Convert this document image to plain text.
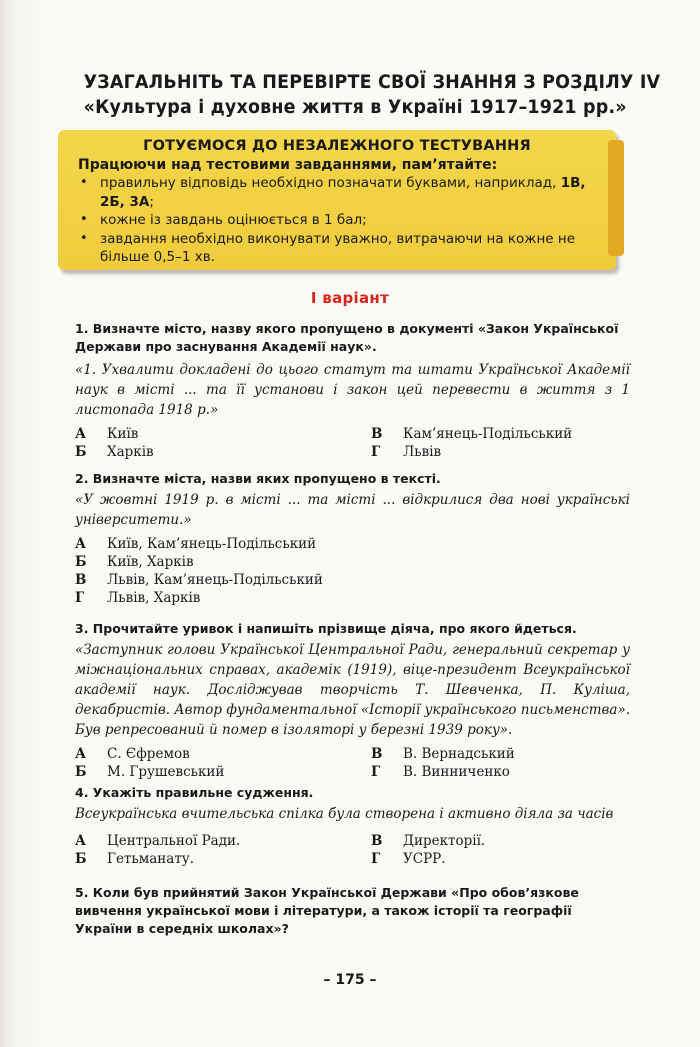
УЗАГАЛЬНІТЬ ТА ПЕРЕВІРТЕ СВОЇ ЗНАННЯ З РОЗДІЛУ IV
«Культура і духовне життя в Україні 1917–1921 рр.»
ГОТУЄМОСЯ ДО НЕЗАЛЕЖНОГО ТЕСТУВАННЯ
Працюючи над тестовими завданнями, пам’ятайте:
• правильну відповідь необхідно позначати буквами, наприклад, 1В, 2Б, 3А;
• кожне із завдань оцінюється в 1 бал;
• завдання необхідно виконувати уважно, витрачаючи на кожне не більше 0,5–1 хв.
І варіант
1. Визначте місто, назву якого пропущено в документі «Закон Української Держави про заснування Академії наук».
«1. Ухвалити докладені до цього статут та штати Української Академії наук в місті ... та її установи і закон цей перевести в життя з 1 листопада 1918 р.»
А	Київ	В	Кам’янець-Подільський
Б	Харків	Г	Львів
2. Визначте міста, назви яких пропущено в тексті.
«У жовтні 1919 р. в місті ... та місті ... відкрилися два нові українські університети.»
А	Київ, Кам’янець-Подільський
Б	Київ, Харків
В	Львів, Кам’янець-Подільський
Г	Львів, Харків
3. Прочитайте уривок і напишіть прізвище діяча, про якого йдеться.
«Заступник голови Української Центральної Ради, генеральний секретар у міжнаціональних справах, академік (1919), віце-президент Всеукраїнської академії наук. Досліджував творчість Т. Шевченка, П. Куліша, декабристів. Автор фундаментальної «Історії українського письменства». Був репресований й помер в ізоляторі у березні 1939 року».
А	С. Єфремов	В	В. Вернадський
Б	М. Грушевський	Г	В. Винниченко
4. Укажіть правильне судження.
Всеукраїнська вчительська спілка була створена і активно діяла за часів
А	Центральної Ради.	В	Директорії.
Б	Гетьманату.	Г	УСРР.
5. Коли був прийнятий Закон Української Держави «Про обов’язкове вивчення української мови і літератури, а також історії та географії України в середніх школах»?
– 175 –
